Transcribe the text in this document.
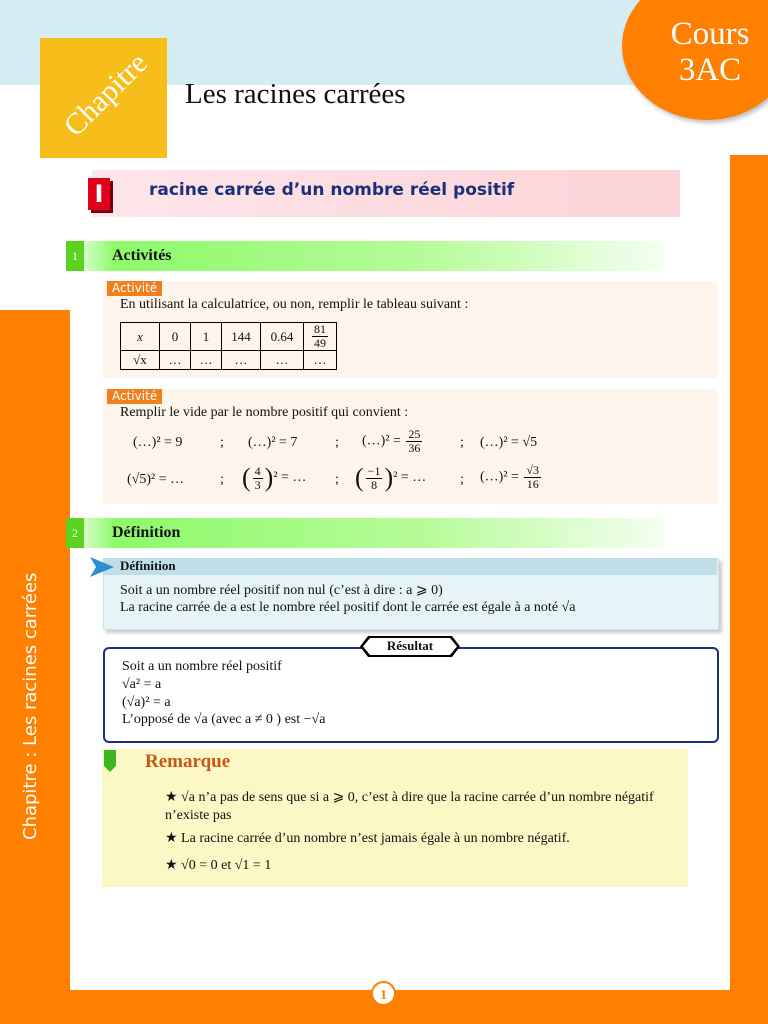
Cours
3AC
Chapitre	Les racines carrées
Chapitre : Les racines carrées
I	racine carrée d’un nombre réel positif
1	Activités
Activité
En utilisant la calculatrice, ou non, remplir le tableau suivant :
x	0	1	144	0.64	$\frac{81}{49}$

√x	…	…	…	…	…
Activité
Remplir le vide par le nombre positif qui convient :
(…)² = 9	; (…)² = 7	; (…)² = $\frac{25}{36}$	; (…)² = √5
(√5)² = …	; ( $\frac{4}{3} )^2$ = … ; ( $\frac{-1}{8} )^2$ = … ; (…)² = $\frac{√3}{16}$
2	Définition
Définition
Soit a un nombre réel positif non nul (c’est à dire : a ⩾ 0)
La racine carrée de a est le nombre réel positif dont le carrée est égale à a noté √a
Résultat
Soit a un nombre réel positif
√a² = a
(√a)² = a
L’opposé de √a (avec a ≠ 0 ) est −√a
Remarque
★ √a n’a pas de sens que si a ⩾ 0, c’est à dire que la racine carrée d’un nombre négatif n’existe pas
★ La racine carrée d’un nombre n’est jamais égale à un nombre négatif.
★ √0 = 0 et √1 = 1
1
